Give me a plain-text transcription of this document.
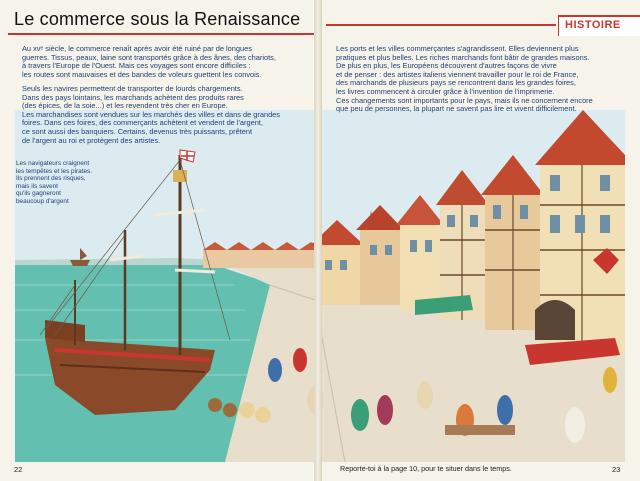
Le commerce sous la Renaissance	HISTOIRE
Au xvᵉ siècle, le commerce renaît après avoir été ruiné par de longues
guerres. Tissus, peaux, laine sont transportés grâce à des ânes, des chariots,
à travers l'Europe de l'Ouest. Mais ces voyages sont encore difficiles :
les routes sont mauvaises et des bandes de voleurs guettent les convois.
Seuls les navires permettent de transporter de lourds chargements.
Dans des pays lointains, les marchands achètent des produits rares
(des épices, de la soie...) et les revendent très cher en Europe.
Les marchandises sont vendues sur les marchés des villes et dans de grandes
foires. Dans ces foires, des commerçants achètent et vendent de l'argent,
ce sont aussi des banquiers. Certains, devenus très puissants, prêtent
de l'argent au roi et protègent des artistes.
Les ports et les villes commerçantes s'agrandissent. Elles deviennent plus
pratiques et plus belles. Les riches marchands font bâtir de grandes maisons.
De plus en plus, les Européens découvrent d'autres façons de vivre
et de penser : des artistes italiens viennent travailler pour le roi de France,
des marchands de plusieurs pays se rencontrent dans les grandes foires,
les livres commencent à circuler grâce à l'invention de l'imprimerie.
Ces changements sont importants pour le pays, mais ils ne concernent encore
que peu de personnes, la plupart ne savent pas lire et vivent difficilement.
Les navigateurs craignent
les tempêtes et les pirates.
Ils prennent des risques,
mais ils savent
qu'ils gagneront
beaucoup d'argent
22	Reporte-toi à la page 10, pour te situer dans le temps.	23
